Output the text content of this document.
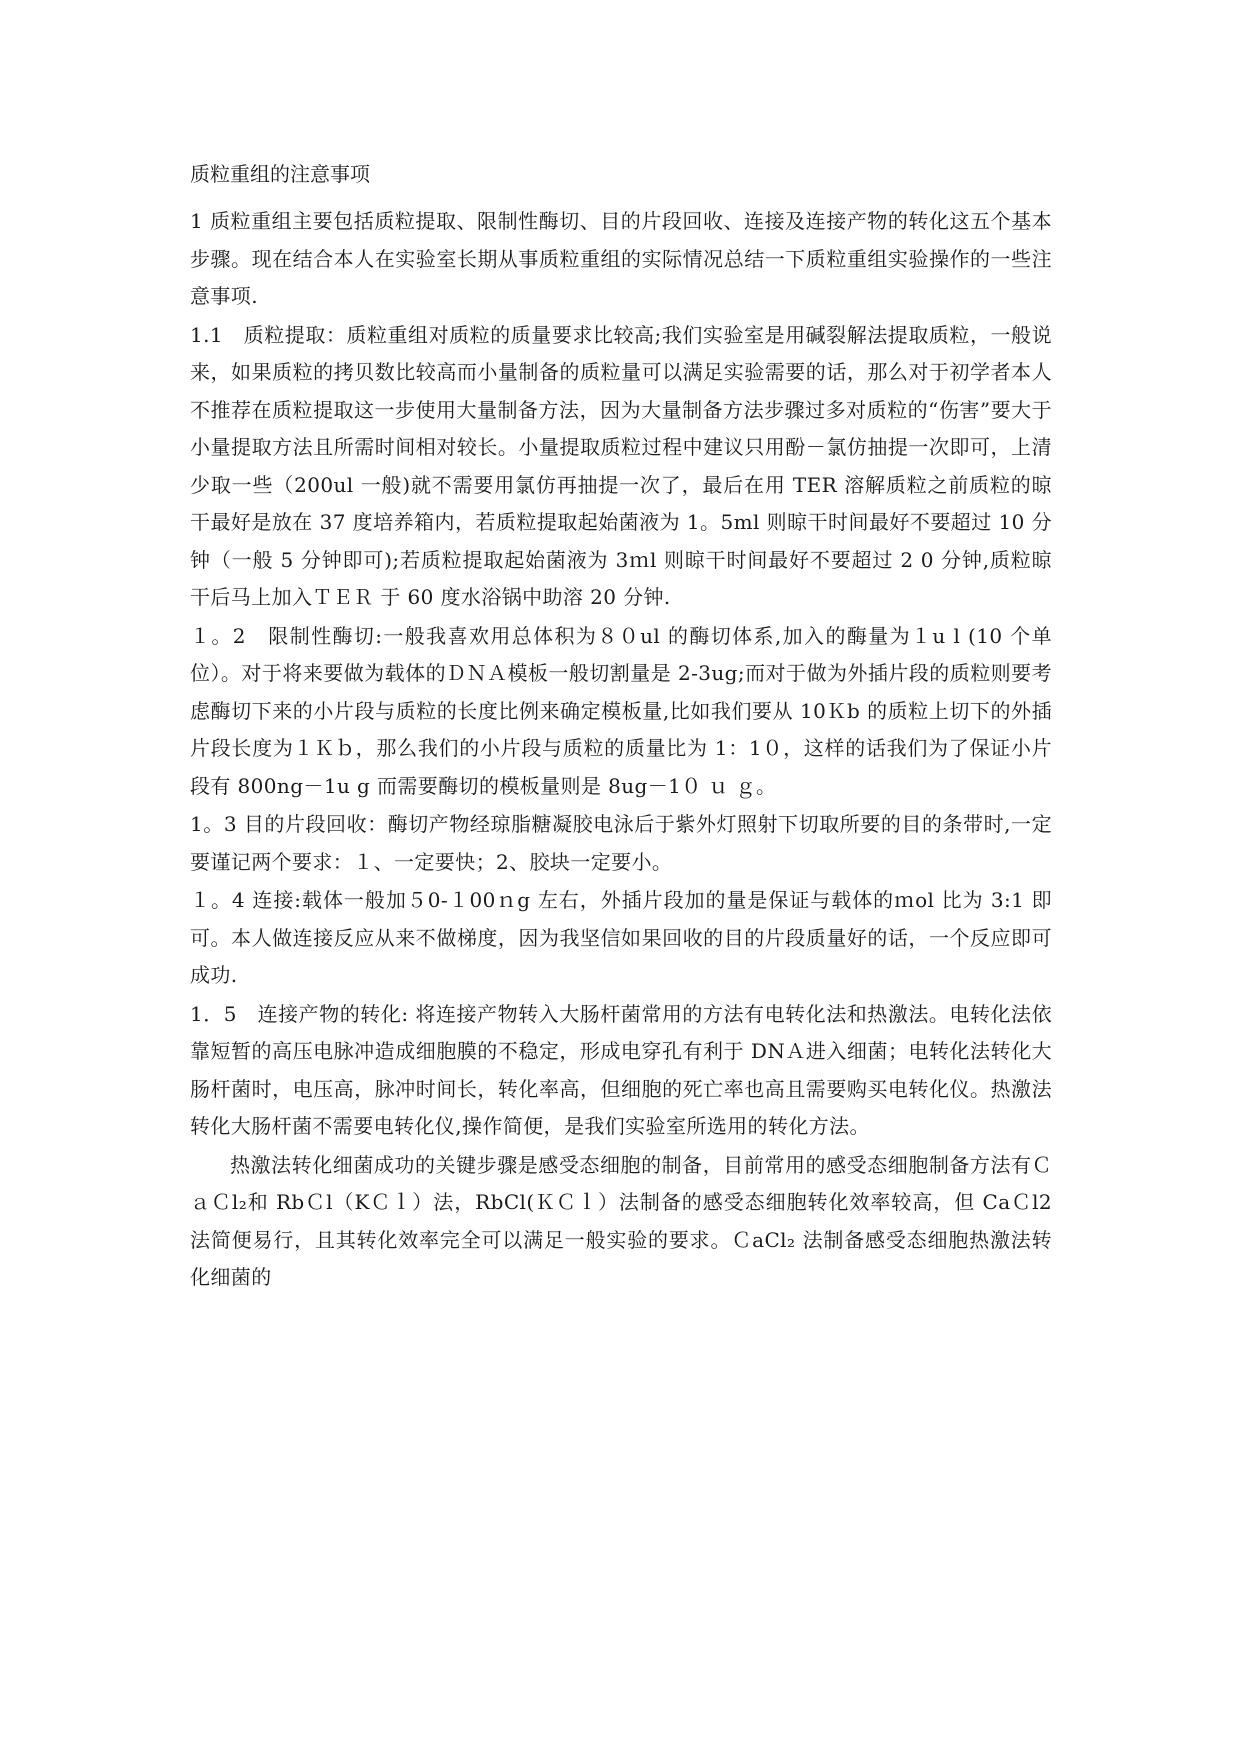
质粒重组的注意事项

1 质粒重组主要包括质粒提取、限制性酶切、目的片段回收、连接及连接产物的转化这五个基本步骤。现在结合本人在实验室长期从事质粒重组的实际情况总结一下质粒重组实验操作的一些注意事项.

1.1　质粒提取：质粒重组对质粒的质量要求比较高;我们实验室是用碱裂解法提取质粒，一般说来，如果质粒的拷贝数比较高而小量制备的质粒量可以满足实验需要的话，那么对于初学者本人不推荐在质粒提取这一步使用大量制备方法，因为大量制备方法步骤过多对质粒的“伤害”要大于小量提取方法且所需时间相对较长。小量提取质粒过程中建议只用酚－氯仿抽提一次即可，上清少取一些（200ul 一般)就不需要用氯仿再抽提一次了，最后在用 TER 溶解质粒之前质粒的晾干最好是放在 37 度培养箱内，若质粒提取起始菌液为 1。5ml 则晾干时间最好不要超过 10 分钟（一般 5 分钟即可);若质粒提取起始菌液为 3ｍl 则晾干时间最好不要超过 2 0 分钟,质粒晾干后马上加入ＴＥＲ 于 60 度水浴锅中助溶 20 分钟.

１。2　限制性酶切:一般我喜欢用总体积为８０ul 的酶切体系,加入的酶量为１u l (10 个单位）。对于将来要做为载体的ＤＮＡ模板一般切割量是 2-3ug;而对于做为外插片段的质粒则要考虑酶切下来的小片段与质粒的长度比例来确定模板量,比如我们要从 10Ｋb 的质粒上切下的外插片段长度为１Ｋｂ，那么我们的小片段与质粒的质量比为 1：1０，这样的话我们为了保证小片段有 800ng－1u g 而需要酶切的模板量则是 8ug－1０ ｕ ｇ。

1。3 目的片段回收：酶切产物经琼脂糖凝胶电泳后于紫外灯照射下切取所要的目的条带时,一定要谨记两个要求：１、一定要快；2、胶块一定要小。

１。4 连接:载体一般加５0-１00ｎg 左右，外插片段加的量是保证与载体的ｍol 比为 3:1 即可。本人做连接反应从来不做梯度，因为我坚信如果回收的目的片段质量好的话，一个反应即可成功.

1．5　连接产物的转化: 将连接产物转入大肠杆菌常用的方法有电转化法和热激法。电转化法依靠短暂的高压电脉冲造成细胞膜的不稳定，形成电穿孔有利于 DNＡ进入细菌；电转化法转化大肠杆菌时，电压高，脉冲时间长，转化率高，但细胞的死亡率也高且需要购买电转化仪。热激法转化大肠杆菌不需要电转化仪,操作简便，是我们实验室所选用的转化方法。

热激法转化细菌成功的关键步骤是感受态细胞的制备，目前常用的感受态细胞制备方法有ＣａＣl₂和 RbＣl（KＣｌ）法，RbCl(ＫＣｌ）法制备的感受态细胞转化效率较高，但 CaＣl2 法简便易行，且其转化效率完全可以满足一般实验的要求。ＣaCl₂ 法制备感受态细胞热激法转化细菌的
